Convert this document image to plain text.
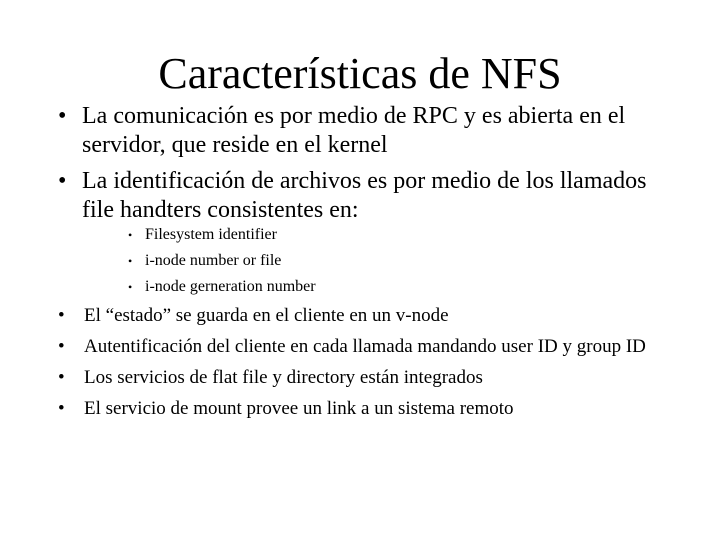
Características de NFS
• La comunicación es por medio de RPC y es abierta en el servidor, que reside en el kernel
• La identificación de archivos es por medio de los llamados file handters consistentes en:
• Filesystem identifier
• i-node number or file
• i-node gerneration number
• El “estado” se guarda en el cliente en un v-node
• Autentificación del cliente en cada llamada mandando user ID y group ID
• Los servicios de flat file y directory están integrados
• El servicio de mount provee un link a un sistema remoto
